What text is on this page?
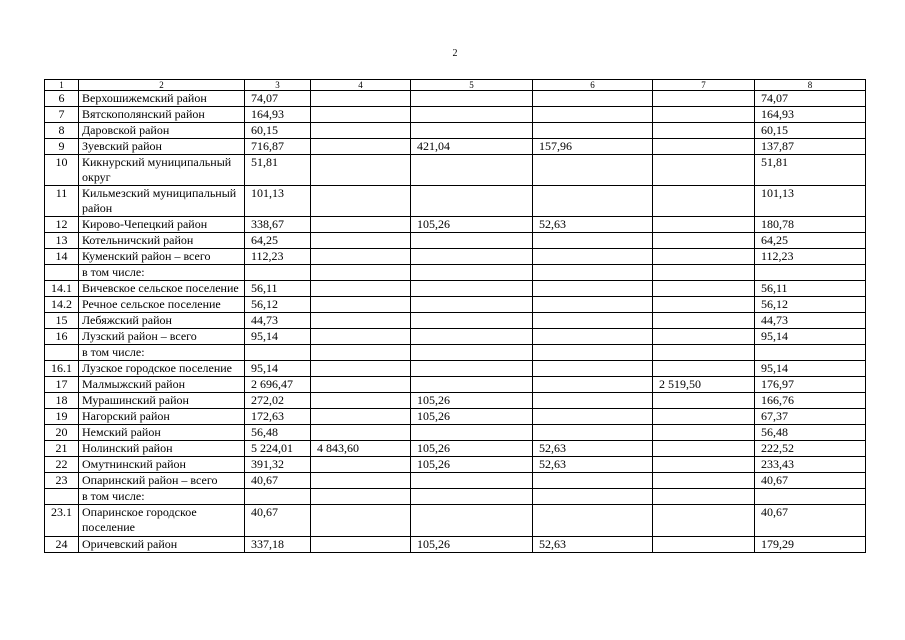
2
1	2	3	4	5	6	7	8
6	Верхошижемский район	74,07					74,07
7	Вятскополянский район	164,93					164,93
8	Даровской район	60,15					60,15
9	Зуевский район	716,87		421,04	157,96		137,87
10	Кикнурский муниципальный округ	51,81					51,81
11	Кильмезский муниципальный район	101,13					101,13
12	Кирово-Чепецкий район	338,67		105,26	52,63		180,78
13	Котельничский район	64,25					64,25
14	Куменский район – всего	112,23					112,23
	в том числе:						
14.1	Вичевское сельское поселение	56,11					56,11
14.2	Речное сельское поселение	56,12					56,12
15	Лебяжский район	44,73					44,73
16	Лузский район – всего	95,14					95,14
	в том числе:						
16.1	Лузское городское поселение	95,14					95,14
17	Малмыжский район	2 696,47				2 519,50	176,97
18	Мурашинский район	272,02		105,26			166,76
19	Нагорский район	172,63		105,26			67,37
20	Немский район	56,48					56,48
21	Нолинский район	5 224,01	4 843,60	105,26	52,63		222,52
22	Омутнинский район	391,32		105,26	52,63		233,43
23	Опаринский район – всего	40,67					40,67
	в том числе:						
23.1	Опаринское городское поселение	40,67					40,67
24	Оричевский район	337,18		105,26	52,63		179,29
